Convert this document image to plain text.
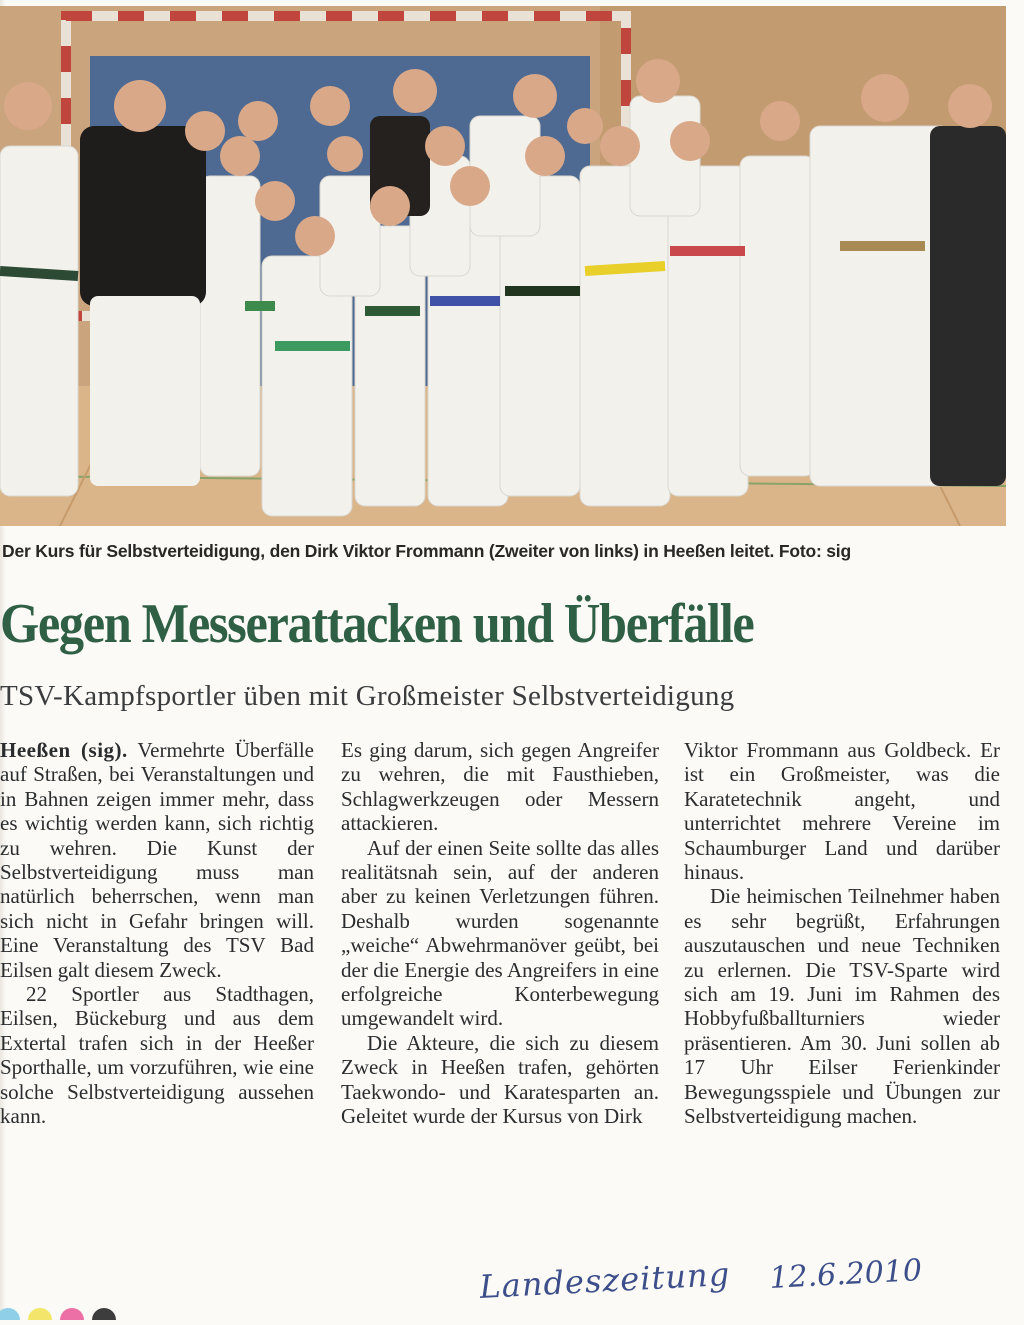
Der Kurs für Selbstverteidigung, den Dirk Viktor Frommann (Zweiter von links) in Heeßen leitet. Foto: sig
Gegen Messerattacken und Überfälle
TSV-Kampfsportler üben mit Großmeister Selbstverteidigung

Heeßen (sig). Vermehrte Überfälle auf Straßen, bei Veranstaltungen und in Bahnen zeigen immer mehr, dass es wichtig werden kann, sich richtig zu wehren. Die Kunst der Selbstverteidigung muss man natürlich beherrschen, wenn man sich nicht in Gefahr bringen will. Eine Veranstaltung des TSV Bad Eilsen galt diesem Zweck.

22 Sportler aus Stadthagen, Eilsen, Bückeburg und aus dem Extertal trafen sich in der Heeßer Sporthalle, um vorzuführen, wie eine solche Selbstverteidigung aussehen kann.

Es ging darum, sich gegen Angreifer zu wehren, die mit Fausthieben, Schlagwerkzeugen oder Messern attackieren.

Auf der einen Seite sollte das alles realitätsnah sein, auf der anderen aber zu keinen Verletzungen führen. Deshalb wurden sogenannte „weiche“ Abwehrmanöver geübt, bei der die Energie des Angreifers in eine erfolgreiche Konterbewegung umgewandelt wird.

Die Akteure, die sich zu diesem Zweck in Heeßen trafen, gehörten Taekwondo- und Karatesparten an. Geleitet wurde der Kursus von Dirk

Viktor Frommann aus Goldbeck. Er ist ein Großmeister, was die Karatetechnik angeht, und unterrichtet mehrere Vereine im Schaumburger Land und darüber hinaus.

Die heimischen Teilnehmer haben es sehr begrüßt, Erfahrungen auszutauschen und neue Techniken zu erlernen. Die TSV-Sparte wird sich am 19. Juni im Rahmen des Hobbyfußballturniers wieder präsentieren. Am 30. Juni sollen ab 17 Uhr Eilser Ferienkinder Bewegungsspiele und Übungen zur Selbstverteidigung machen.

Landeszeitung 12.6.2010
